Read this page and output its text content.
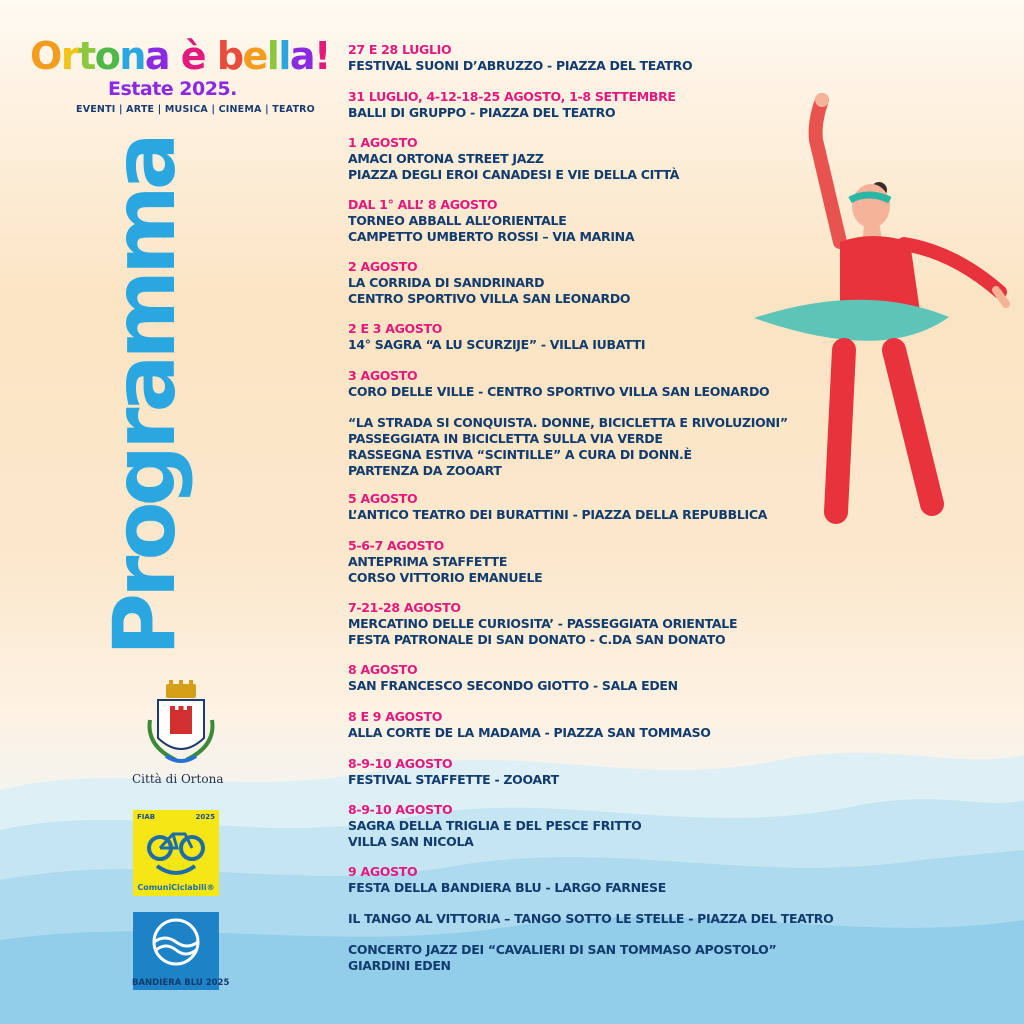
Ortona è bella!
Estate 2025.
EVENTI | ARTE | MUSICA | CINEMA | TEATRO
Programma
27 E 28 LUGLIO
FESTIVAL SUONI D’ABRUZZO - PIAZZA DEL TEATRO
31 LUGLIO, 4-12-18-25 AGOSTO, 1-8 SETTEMBRE
BALLI DI GRUPPO - PIAZZA DEL TEATRO
1 AGOSTO
AMACI ORTONA STREET JAZZ
PIAZZA DEGLI EROI CANADESI E VIE DELLA CITTÀ
DAL 1° ALL’ 8 AGOSTO
TORNEO ABBALL ALL’ORIENTALE
CAMPETTO UMBERTO ROSSI – VIA MARINA
2 AGOSTO
LA CORRIDA DI SANDRINARD
CENTRO SPORTIVO VILLA SAN LEONARDO
2 E 3 AGOSTO
14° SAGRA “A LU SCURZIJE” - VILLA IUBATTI
3 AGOSTO
CORO DELLE VILLE - CENTRO SPORTIVO VILLA SAN LEONARDO
“LA STRADA SI CONQUISTA. DONNE, BICICLETTA E RIVOLUZIONI”
PASSEGGIATA IN BICICLETTA SULLA VIA VERDE
RASSEGNA ESTIVA “SCINTILLE” A CURA DI DONN.È
PARTENZA DA ZOOART
5 AGOSTO
L’ANTICO TEATRO DEI BURATTINI - PIAZZA DELLA REPUBBLICA
5-6-7 AGOSTO
ANTEPRIMA STAFFETTE
CORSO VITTORIO EMANUELE
7-21-28 AGOSTO
MERCATINO DELLE CURIOSITA’ - PASSEGGIATA ORIENTALE
FESTA PATRONALE DI SAN DONATO - C.DA SAN DONATO
8 AGOSTO
SAN FRANCESCO SECONDO GIOTTO - SALA EDEN
8 E 9 AGOSTO
ALLA CORTE DE LA MADAMA - PIAZZA SAN TOMMASO
8-9-10 AGOSTO
FESTIVAL STAFFETTE - ZOOART
8-9-10 AGOSTO
SAGRA DELLA TRIGLIA E DEL PESCE FRITTO
VILLA SAN NICOLA
9 AGOSTO
FESTA DELLA BANDIERA BLU - LARGO FARNESE
IL TANGO AL VITTORIA – TANGO SOTTO LE STELLE - PIAZZA DEL TEATRO
CONCERTO JAZZ DEI “CAVALIERI DI SAN TOMMASO APOSTOLO”
GIARDINI EDEN
Città di Ortona
FIAB	2025
ComuniCiclabili®
BANDIERA BLU 2025
